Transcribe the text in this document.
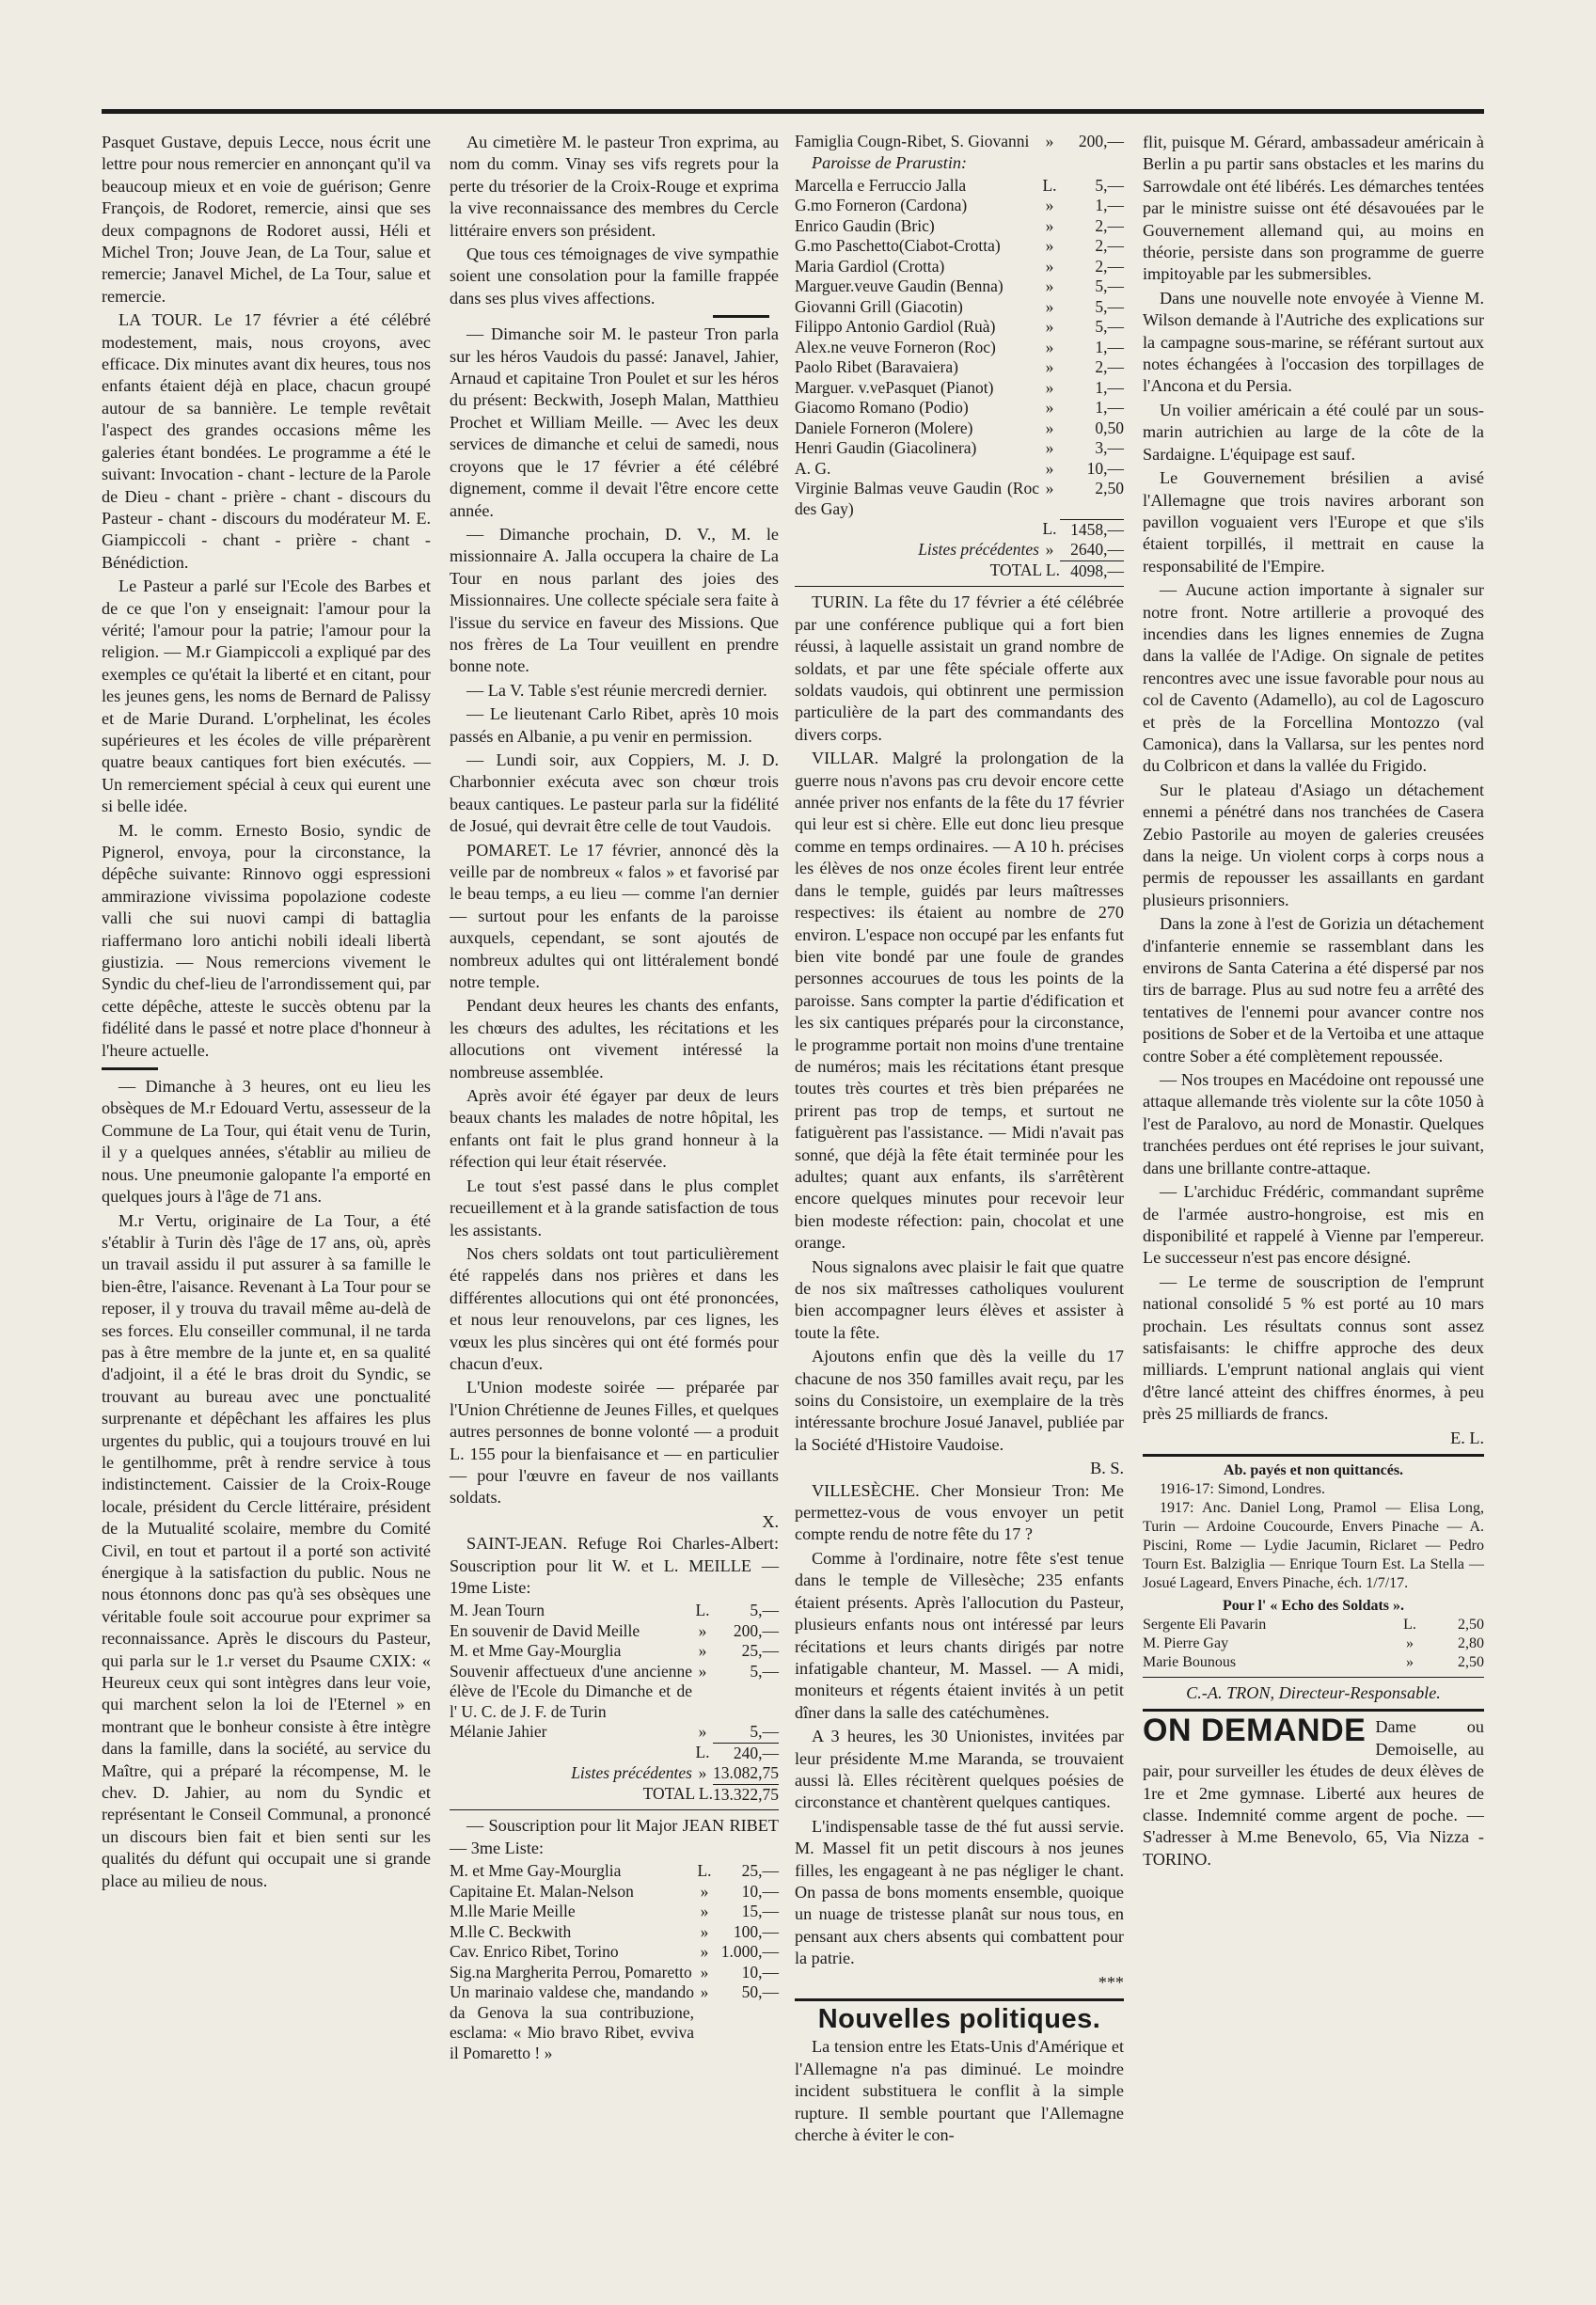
Pasquet Gustave, depuis Lecce, nous écrit une lettre pour nous remercier en annonçant qu'il va beaucoup mieux et en voie de guérison; Genre François, de Rodoret, remercie, ainsi que ses deux compagnons de Rodoret aussi, Héli et Michel Tron; Jouve Jean, de La Tour, salue et remercie; Janavel Michel, de La Tour, salue et remercie.

LA TOUR. Le 17 février a été célébré modestement, mais, nous croyons, avec efficace. Dix minutes avant dix heures, tous nos enfants étaient déjà en place, chacun groupé autour de sa bannière. Le temple revêtait l'aspect des grandes occasions même les galeries étant bondées. Le programme a été le suivant: Invocation - chant - lecture de la Parole de Dieu - chant - prière - chant - discours du Pasteur - chant - discours du modérateur M. E. Giampiccoli - chant - prière - chant - Bénédiction.

Le Pasteur a parlé sur l'Ecole des Barbes et de ce que l'on y enseignait: l'amour pour la vérité; l'amour pour la patrie; l'amour pour la religion. — M.r Giampiccoli a expliqué par des exemples ce qu'était la liberté et en citant, pour les jeunes gens, les noms de Bernard de Palissy et de Marie Durand. L'orphelinat, les écoles supérieures et les écoles de ville préparèrent quatre beaux cantiques fort bien exécutés. — Un remerciement spécial à ceux qui eurent une si belle idée.

M. le comm. Ernesto Bosio, syndic de Pignerol, envoya, pour la circonstance, la dépêche suivante: Rinnovo oggi espressioni ammirazione vivissima popolazione codeste valli che sui nuovi campi di battaglia riaffermano loro antichi nobili ideali libertà giustizia. — Nous remercions vivement le Syndic du chef-lieu de l'arrondissement qui, par cette dépêche, atteste le succès obtenu par la fidélité dans le passé et notre place d'honneur à l'heure actuelle.

— Dimanche à 3 heures, ont eu lieu les obsèques de M.r Edouard Vertu, assesseur de la Commune de La Tour, qui était venu de Turin, il y a quelques années, s'établir au milieu de nous. Une pneumonie galopante l'a emporté en quelques jours à l'âge de 71 ans.

M.r Vertu, originaire de La Tour, a été s'établir à Turin dès l'âge de 17 ans, où, après un travail assidu il put assurer à sa famille le bien-être, l'aisance. Revenant à La Tour pour se reposer, il y trouva du travail même au-delà de ses forces. Elu conseiller communal, il ne tarda pas à être membre de la junte et, en sa qualité d'adjoint, il a été le bras droit du Syndic, se trouvant au bureau avec une ponctualité surprenante et dépêchant les affaires les plus urgentes du public, qui a toujours trouvé en lui le gentilhomme, prêt à rendre service à tous indistinctement. Caissier de la Croix-Rouge locale, président du Cercle littéraire, président de la Mutualité scolaire, membre du Comité Civil, en tout et partout il a porté son activité énergique à la satisfaction du public. Nous ne nous étonnons donc pas qu'à ses obsèques une véritable foule soit accourue pour exprimer sa reconnaissance. Après le discours du Pasteur, qui parla sur le 1.r verset du Psaume CXIX: « Heureux ceux qui sont intègres dans leur voie, qui marchent selon la loi de l'Eternel » en montrant que le bonheur consiste à être intègre dans la famille, dans la société, au service du Maître, qui a préparé la récompense, M. le chev. D. Jahier, au nom du Syndic et représentant le Conseil Communal, a prononcé un discours bien fait et bien senti sur les qualités du défunt qui occupait une si grande place au milieu de nous.

Au cimetière M. le pasteur Tron exprima, au nom du comm. Vinay ses vifs regrets pour la perte du trésorier de la Croix-Rouge et exprima la vive reconnaissance des membres du Cercle littéraire envers son président.

Que tous ces témoignages de vive sympathie soient une consolation pour la famille frappée dans ses plus vives affections.

— Dimanche soir M. le pasteur Tron parla sur les héros Vaudois du passé: Janavel, Jahier, Arnaud et capitaine Tron Poulet et sur les héros du présent: Beckwith, Joseph Malan, Matthieu Prochet et William Meille. — Avec les deux services de dimanche et celui de samedi, nous croyons que le 17 février a été célébré dignement, comme il devait l'être encore cette année.

— Dimanche prochain, D. V., M. le missionnaire A. Jalla occupera la chaire de La Tour en nous parlant des joies des Missionnaires. Une collecte spéciale sera faite à l'issue du service en faveur des Missions. Que nos frères de La Tour veuillent en prendre bonne note.

— La V. Table s'est réunie mercredi dernier.

— Le lieutenant Carlo Ribet, après 10 mois passés en Albanie, a pu venir en permission.

— Lundi soir, aux Coppiers, M. J. D. Charbonnier exécuta avec son chœur trois beaux cantiques. Le pasteur parla sur la fidélité de Josué, qui devrait être celle de tout Vaudois.

POMARET. Le 17 février, annoncé dès la veille par de nombreux « falos » et favorisé par le beau temps, a eu lieu — comme l'an dernier — surtout pour les enfants de la paroisse auxquels, cependant, se sont ajoutés de nombreux adultes qui ont littéralement bondé notre temple.

Pendant deux heures les chants des enfants, les chœurs des adultes, les récitations et les allocutions ont vivement intéressé la nombreuse assemblée.

Après avoir été égayer par deux de leurs beaux chants les malades de notre hôpital, les enfants ont fait le plus grand honneur à la réfection qui leur était réservée.

Le tout s'est passé dans le plus complet recueillement et à la grande satisfaction de tous les assistants.

Nos chers soldats ont tout particulièrement été rappelés dans nos prières et dans les différentes allocutions qui ont été prononcées, et nous leur renouvelons, par ces lignes, les vœux les plus sincères qui ont été formés pour chacun d'eux.

L'Union modeste soirée — préparée par l'Union Chrétienne de Jeunes Filles, et quelques autres personnes de bonne volonté — a produit L. 155 pour la bienfaisance et — en particulier — pour l'œuvre en faveur de nos vaillants soldats.

X.

SAINT-JEAN. Refuge Roi Charles-Albert: Souscription pour lit W. et L. MEILLE — 19me Liste:

M. Jean Tourn	L.	5,—
En souvenir de David Meille	»	200,—
M. et Mme Gay-Mourglia	»	25,—
Souvenir affectueux d'une ancienne élève de l'Ecole du Dimanche et de l' U. C. de J. F. de Turin	»	5,—
Mélanie Jahier	»	5,—
	L.	240,—
Listes précédentes	»	13.082,75
TOTAL L.		13.322,75

— Souscription pour lit Major JEAN RIBET — 3me Liste:

M. et Mme Gay-Mourglia	L.	25,—
Capitaine Et. Malan-Nelson	»	10,—
M.lle Marie Meille	»	15,—
M.lle C. Beckwith	»	100,—
Cav. Enrico Ribet, Torino	»	1.000,—
Sig.na Margherita Perrou, Pomaretto	»	10,—
Un marinaio valdese che, mandando da Genova la sua contribuzione, esclama: « Mio bravo Ribet, evviva il Pomaretto ! »	»	50,—
Famiglia Cougn-Ribet, S. Giovanni	»	200,—

Paroisse de Prarustin:

Marcella e Ferruccio Jalla	L.	5,—
G.mo Forneron (Cardona)	»	1,—
Enrico Gaudin (Bric)	»	2,—
G.mo Paschetto(Ciabot-Crotta)	»	2,—
Maria Gardiol (Crotta)	»	2,—
Marguer.veuve Gaudin (Benna)	»	5,—
Giovanni Grill (Giacotin)	»	5,—
Filippo Antonio Gardiol (Ruà)	»	5,—
Alex.ne veuve Forneron (Roc)	»	1,—
Paolo Ribet (Baravaiera)	»	2,—
Marguer. v.vePasquet (Pianot)	»	1,—
Giacomo Romano (Podio)	»	1,—
Daniele Forneron (Molere)	»	0,50
Henri Gaudin (Giacolinera)	»	3,—
A. G.	»	10,—
Virginie Balmas veuve Gaudin (Roc des Gay)	»	2,50
	L.	1458,—
Listes précédentes	»	2640,—
TOTAL L.		4098,—

TURIN. La fête du 17 février a été célébrée par une conférence publique qui a fort bien réussi, à laquelle assistait un grand nombre de soldats, et par une fête spéciale offerte aux soldats vaudois, qui obtinrent une permission particulière de la part des commandants des divers corps.

VILLAR. Malgré la prolongation de la guerre nous n'avons pas cru devoir encore cette année priver nos enfants de la fête du 17 février qui leur est si chère. Elle eut donc lieu presque comme en temps ordinaires. — A 10 h. précises les élèves de nos onze écoles firent leur entrée dans le temple, guidés par leurs maîtresses respectives: ils étaient au nombre de 270 environ. L'espace non occupé par les enfants fut bien vite bondé par une foule de grandes personnes accourues de tous les points de la paroisse. Sans compter la partie d'édification et les six cantiques préparés pour la circonstance, le programme portait non moins d'une trentaine de numéros; mais les récitations étant presque toutes très courtes et très bien préparées ne prirent pas trop de temps, et surtout ne fatiguèrent pas l'assistance. — Midi n'avait pas sonné, que déjà la fête était terminée pour les adultes; quant aux enfants, ils s'arrêtèrent encore quelques minutes pour recevoir leur bien modeste réfection: pain, chocolat et une orange.

Nous signalons avec plaisir le fait que quatre de nos six maîtresses catholiques voulurent bien accompagner leurs élèves et assister à toute la fête.

Ajoutons enfin que dès la veille du 17 chacune de nos 350 familles avait reçu, par les soins du Consistoire, un exemplaire de la très intéressante brochure Josué Janavel, publiée par la Société d'Histoire Vaudoise.

B. S.

VILLESÈCHE. Cher Monsieur Tron: Me permettez-vous de vous envoyer un petit compte rendu de notre fête du 17 ?

Comme à l'ordinaire, notre fête s'est tenue dans le temple de Villesèche; 235 enfants étaient présents. Après l'allocution du Pasteur, plusieurs enfants nous ont intéressé par leurs récitations et leurs chants dirigés par notre infatigable chanteur, M. Massel. — A midi, moniteurs et régents étaient invités à un petit dîner dans la salle des catéchumènes.

A 3 heures, les 30 Unionistes, invitées par leur présidente M.me Maranda, se trouvaient aussi là. Elles récitèrent quelques poésies de circonstance et chantèrent quelques cantiques.

L'indispensable tasse de thé fut aussi servie. M. Massel fit un petit discours à nos jeunes filles, les engageant à ne pas négliger le chant. On passa de bons moments ensemble, quoique un nuage de tristesse planât sur nous tous, en pensant aux chers absents qui combattent pour la patrie.

***
Nouvelles politiques.

La tension entre les Etats-Unis d'Amérique et l'Allemagne n'a pas diminué. Le moindre incident substituera le conflit à la simple rupture. Il semble pourtant que l'Allemagne cherche à éviter le con-

flit, puisque M. Gérard, ambassadeur américain à Berlin a pu partir sans obstacles et les marins du Sarrowdale ont été libérés. Les démarches tentées par le ministre suisse ont été désavouées par le Gouvernement allemand qui, au moins en théorie, persiste dans son programme de guerre impitoyable par les submersibles.

Dans une nouvelle note envoyée à Vienne M. Wilson demande à l'Autriche des explications sur la campagne sous-marine, se référant surtout aux notes échangées à l'occasion des torpillages de l'Ancona et du Persia.

Un voilier américain a été coulé par un sous-marin autrichien au large de la côte de la Sardaigne. L'équipage est sauf.

Le Gouvernement brésilien a avisé l'Allemagne que trois navires arborant son pavillon voguaient vers l'Europe et que s'ils étaient torpillés, il mettrait en cause la responsabilité de l'Empire.

— Aucune action importante à signaler sur notre front. Notre artillerie a provoqué des incendies dans les lignes ennemies de Zugna dans la vallée de l'Adige. On signale de petites rencontres avec une issue favorable pour nous au col de Cavento (Adamello), au col de Lagoscuro et près de la Forcellina Montozzo (val Camonica), dans la Vallarsa, sur les pentes nord du Colbricon et dans la vallée du Frigido.

Sur le plateau d'Asiago un détachement ennemi a pénétré dans nos tranchées de Casera Zebio Pastorile au moyen de galeries creusées dans la neige. Un violent corps à corps nous a permis de repousser les assaillants en gardant plusieurs prisonniers.

Dans la zone à l'est de Gorizia un détachement d'infanterie ennemie se rassemblant dans les environs de Santa Caterina a été dispersé par nos tirs de barrage. Plus au sud notre feu a arrêté des tentatives de l'ennemi pour avancer contre nos positions de Sober et de la Vertoiba et une attaque contre Sober a été complètement repoussée.

— Nos troupes en Macédoine ont repoussé une attaque allemande très violente sur la côte 1050 à l'est de Paralovo, au nord de Monastir. Quelques tranchées perdues ont été reprises le jour suivant, dans une brillante contre-attaque.

— L'archiduc Frédéric, commandant suprême de l'armée austro-hongroise, est mis en disponibilité et rappelé à Vienne par l'empereur. Le successeur n'est pas encore désigné.

— Le terme de souscription de l'emprunt national consolidé 5 % est porté au 10 mars prochain. Les résultats connus sont assez satisfaisants: le chiffre approche des deux milliards. L'emprunt national anglais qui vient d'être lancé atteint des chiffres énormes, à peu près 25 milliards de francs.

E. L.
Ab. payés et non quittancés.
1916-17: Simond, Londres.
1917: Anc. Daniel Long, Pramol — Elisa Long, Turin — Ardoine Coucourde, Envers Pinache — A. Piscini, Rome — Lydie Jacumin, Riclaret — Pedro Tourn Est. Balziglia — Enrique Tourn Est. La Stella — Josué Lageard, Envers Pinache, éch. 1/7/17.
Pour l' « Echo des Soldats ».
Sergente Eli Pavarin	L.	2,50
M. Pierre Gay	»	2,80
Marie Bounous	»	2,50
C.-A. TRON, Directeur-Responsable.
ON DEMANDE Dame ou Demoiselle, au pair, pour surveiller les études de deux élèves de 1re et 2me gymnase. Liberté aux heures de classe. Indemnité comme argent de poche. — S'adresser à M.me Benevolo, 65, Via Nizza - TORINO.
